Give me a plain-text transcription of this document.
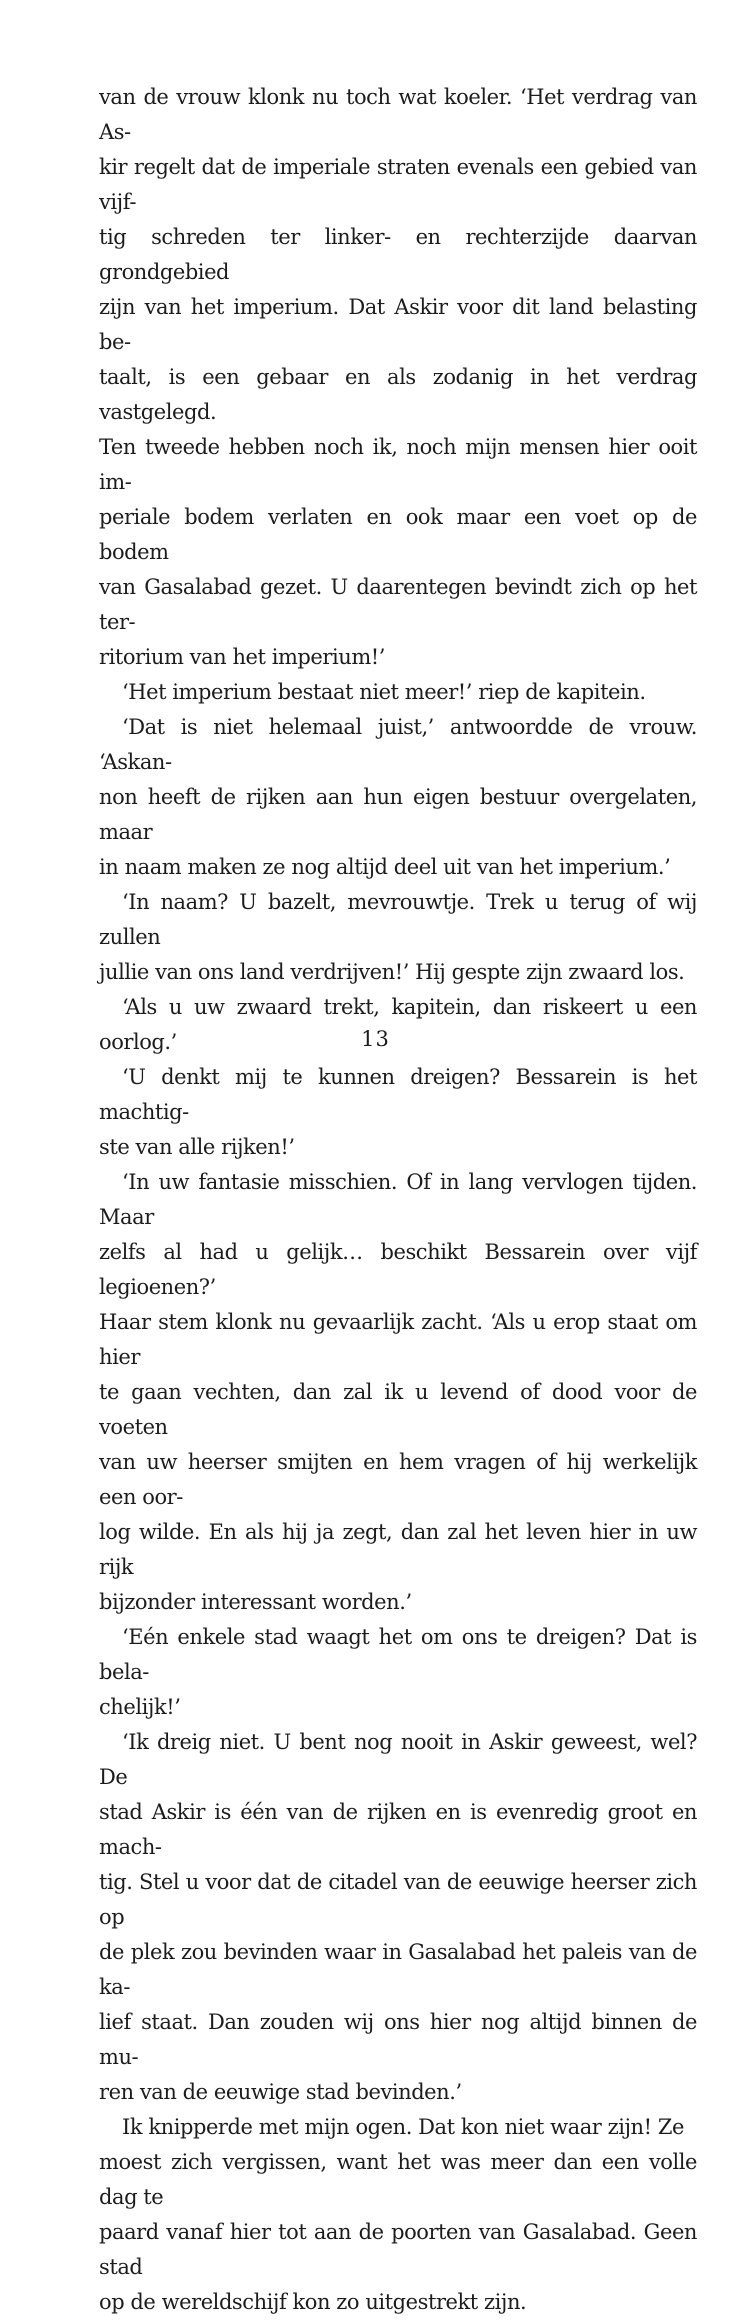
van de vrouw klonk nu toch wat koeler. ‘Het verdrag van As-
kir regelt dat de imperiale straten evenals een gebied van vijf-
tig schreden ter linker- en rechterzijde daarvan grondgebied
zijn van het imperium. Dat Askir voor dit land belasting be-
taalt, is een gebaar en als zodanig in het verdrag vastgelegd.
Ten tweede hebben noch ik, noch mijn mensen hier ooit im-
periale bodem verlaten en ook maar een voet op de bodem
van Gasalabad gezet. U daarentegen bevindt zich op het ter-
ritorium van het imperium!’

‘Het imperium bestaat niet meer!’ riep de kapitein.

‘Dat is niet helemaal juist,’ antwoordde de vrouw. ‘Askan-
non heeft de rijken aan hun eigen bestuur overgelaten, maar
in naam maken ze nog altijd deel uit van het imperium.’

‘In naam? U bazelt, mevrouwtje. Trek u terug of wij zullen
jullie van ons land verdrijven!’ Hij gespte zijn zwaard los.

‘Als u uw zwaard trekt, kapitein, dan riskeert u een oorlog.’

‘U denkt mij te kunnen dreigen? Bessarein is het machtig-
ste van alle rijken!’

‘In uw fantasie misschien. Of in lang vervlogen tijden. Maar
zelfs al had u gelijk… beschikt Bessarein over vijf legioenen?’
Haar stem klonk nu gevaarlijk zacht. ‘Als u erop staat om hier
te gaan vechten, dan zal ik u levend of dood voor de voeten
van uw heerser smijten en hem vragen of hij werkelijk een oor-
log wilde. En als hij ja zegt, dan zal het leven hier in uw rijk
bijzonder interessant worden.’

‘Eén enkele stad waagt het om ons te dreigen? Dat is bela-
chelijk!’

‘Ik dreig niet. U bent nog nooit in Askir geweest, wel? De
stad Askir is één van de rijken en is evenredig groot en mach-
tig. Stel u voor dat de citadel van de eeuwige heerser zich op
de plek zou bevinden waar in Gasalabad het paleis van de ka-
lief staat. Dan zouden wij ons hier nog altijd binnen de mu-
ren van de eeuwige stad bevinden.’

Ik knipperde met mijn ogen. Dat kon niet waar zijn! Ze
moest zich vergissen, want het was meer dan een volle dag te
paard vanaf hier tot aan de poorten van Gasalabad. Geen stad
op de wereldschijf kon zo uitgestrekt zijn.

13
